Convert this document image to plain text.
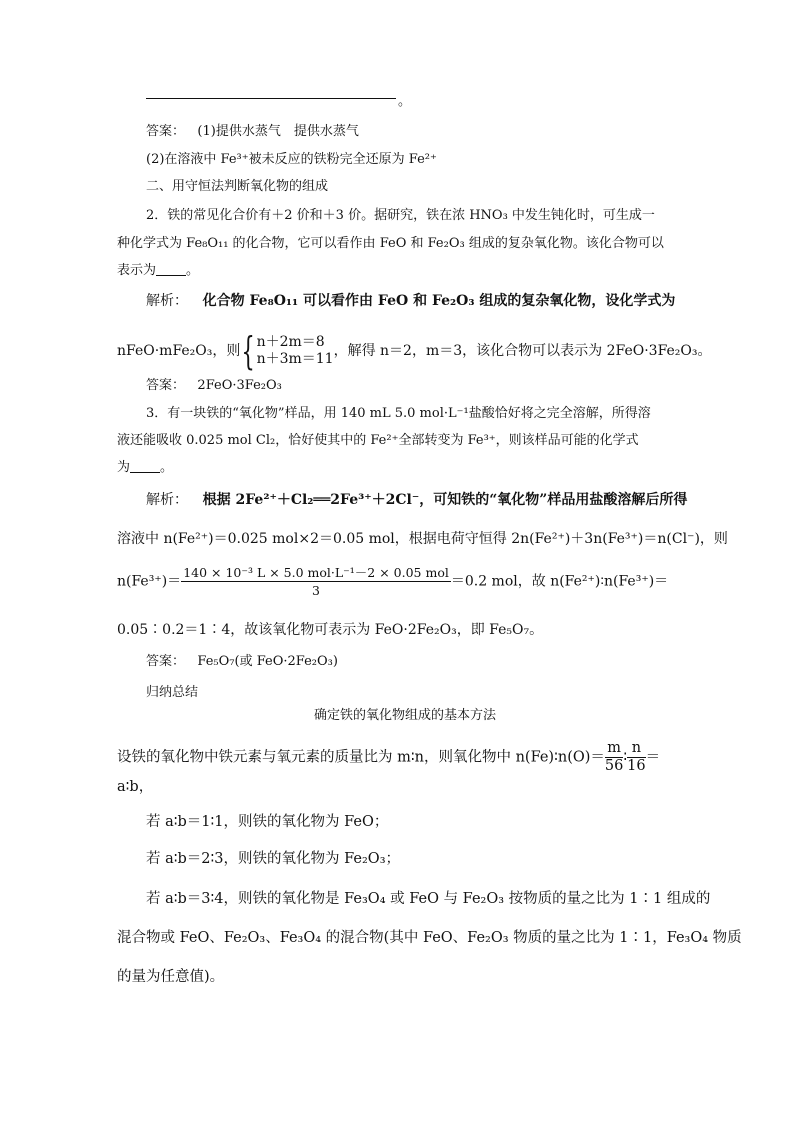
。
答案： (1)提供水蒸气　提供水蒸气
(2)在溶液中 Fe³⁺被未反应的铁粉完全还原为 Fe²⁺
二、用守恒法判断氧化物的组成
2．铁的常见化合价有＋2 价和＋3 价。据研究，铁在浓 HNO₃ 中发生钝化时，可生成一
种化学式为 Fe₈O₁₁ 的化合物，它可以看作由 FeO 和 Fe₂O₃ 组成的复杂氧化物。该化合物可以
表示为 。
解析： 化合物 Fe₈O₁₁ 可以看作由 FeO 和 Fe₂O₃ 组成的复杂氧化物，设化学式为
nFeO·mFe₂O₃，则{ n＋2m＝8
n＋3m＝11 ，解得 n＝2，m＝3，该化合物可以表示为 2FeO·3Fe₂O₃。
答案： 2FeO·3Fe₂O₃
3．有一块铁的“氧化物”样品，用 140 mL 5.0 mol·L⁻¹盐酸恰好将之完全溶解，所得溶
液还能吸收 0.025 mol Cl₂，恰好使其中的 Fe²⁺全部转变为 Fe³⁺，则该样品可能的化学式
为 。
解析： 根据 2Fe²⁺＋Cl₂══2Fe³⁺＋2Cl⁻，可知铁的“氧化物”样品用盐酸溶解后所得
溶液中 n(Fe²⁺)＝0.025 mol×2＝0.05 mol，根据电荷守恒得 2n(Fe²⁺)＋3n(Fe³⁺)＝n(Cl⁻)，则
$n(Fe^{3+})= \frac{\text{140 × 10⁻³ L × 5.0 mol·L⁻¹－2 × 0.05 mol}}{3} =0.2$ mol，故 n(Fe²⁺)∶n(Fe³⁺)＝
0.05∶0.2＝1∶4，故该氧化物可表示为 FeO·2Fe₂O₃，即 Fe₅O₇。
答案： Fe₅O₇(或 FeO·2Fe₂O₃)
归纳总结
确定铁的氧化物组成的基本方法
设铁的氧化物中铁元素与氧元素的质量比为 m∶n，则氧化物中 n(Fe)∶n(O)＝ $\frac{m}{56}$ ∶ $\frac{n}{16}$ ＝
a∶b，
若 a∶b＝1∶1，则铁的氧化物为 FeO；
若 a∶b＝2∶3，则铁的氧化物为 Fe₂O₃；
若 a∶b＝3∶4，则铁的氧化物是 Fe₃O₄ 或 FeO 与 Fe₂O₃ 按物质的量之比为 1∶1 组成的
混合物或 FeO、Fe₂O₃、Fe₃O₄ 的混合物(其中 FeO、Fe₂O₃ 物质的量之比为 1∶1，Fe₃O₄ 物质
的量为任意值)。
